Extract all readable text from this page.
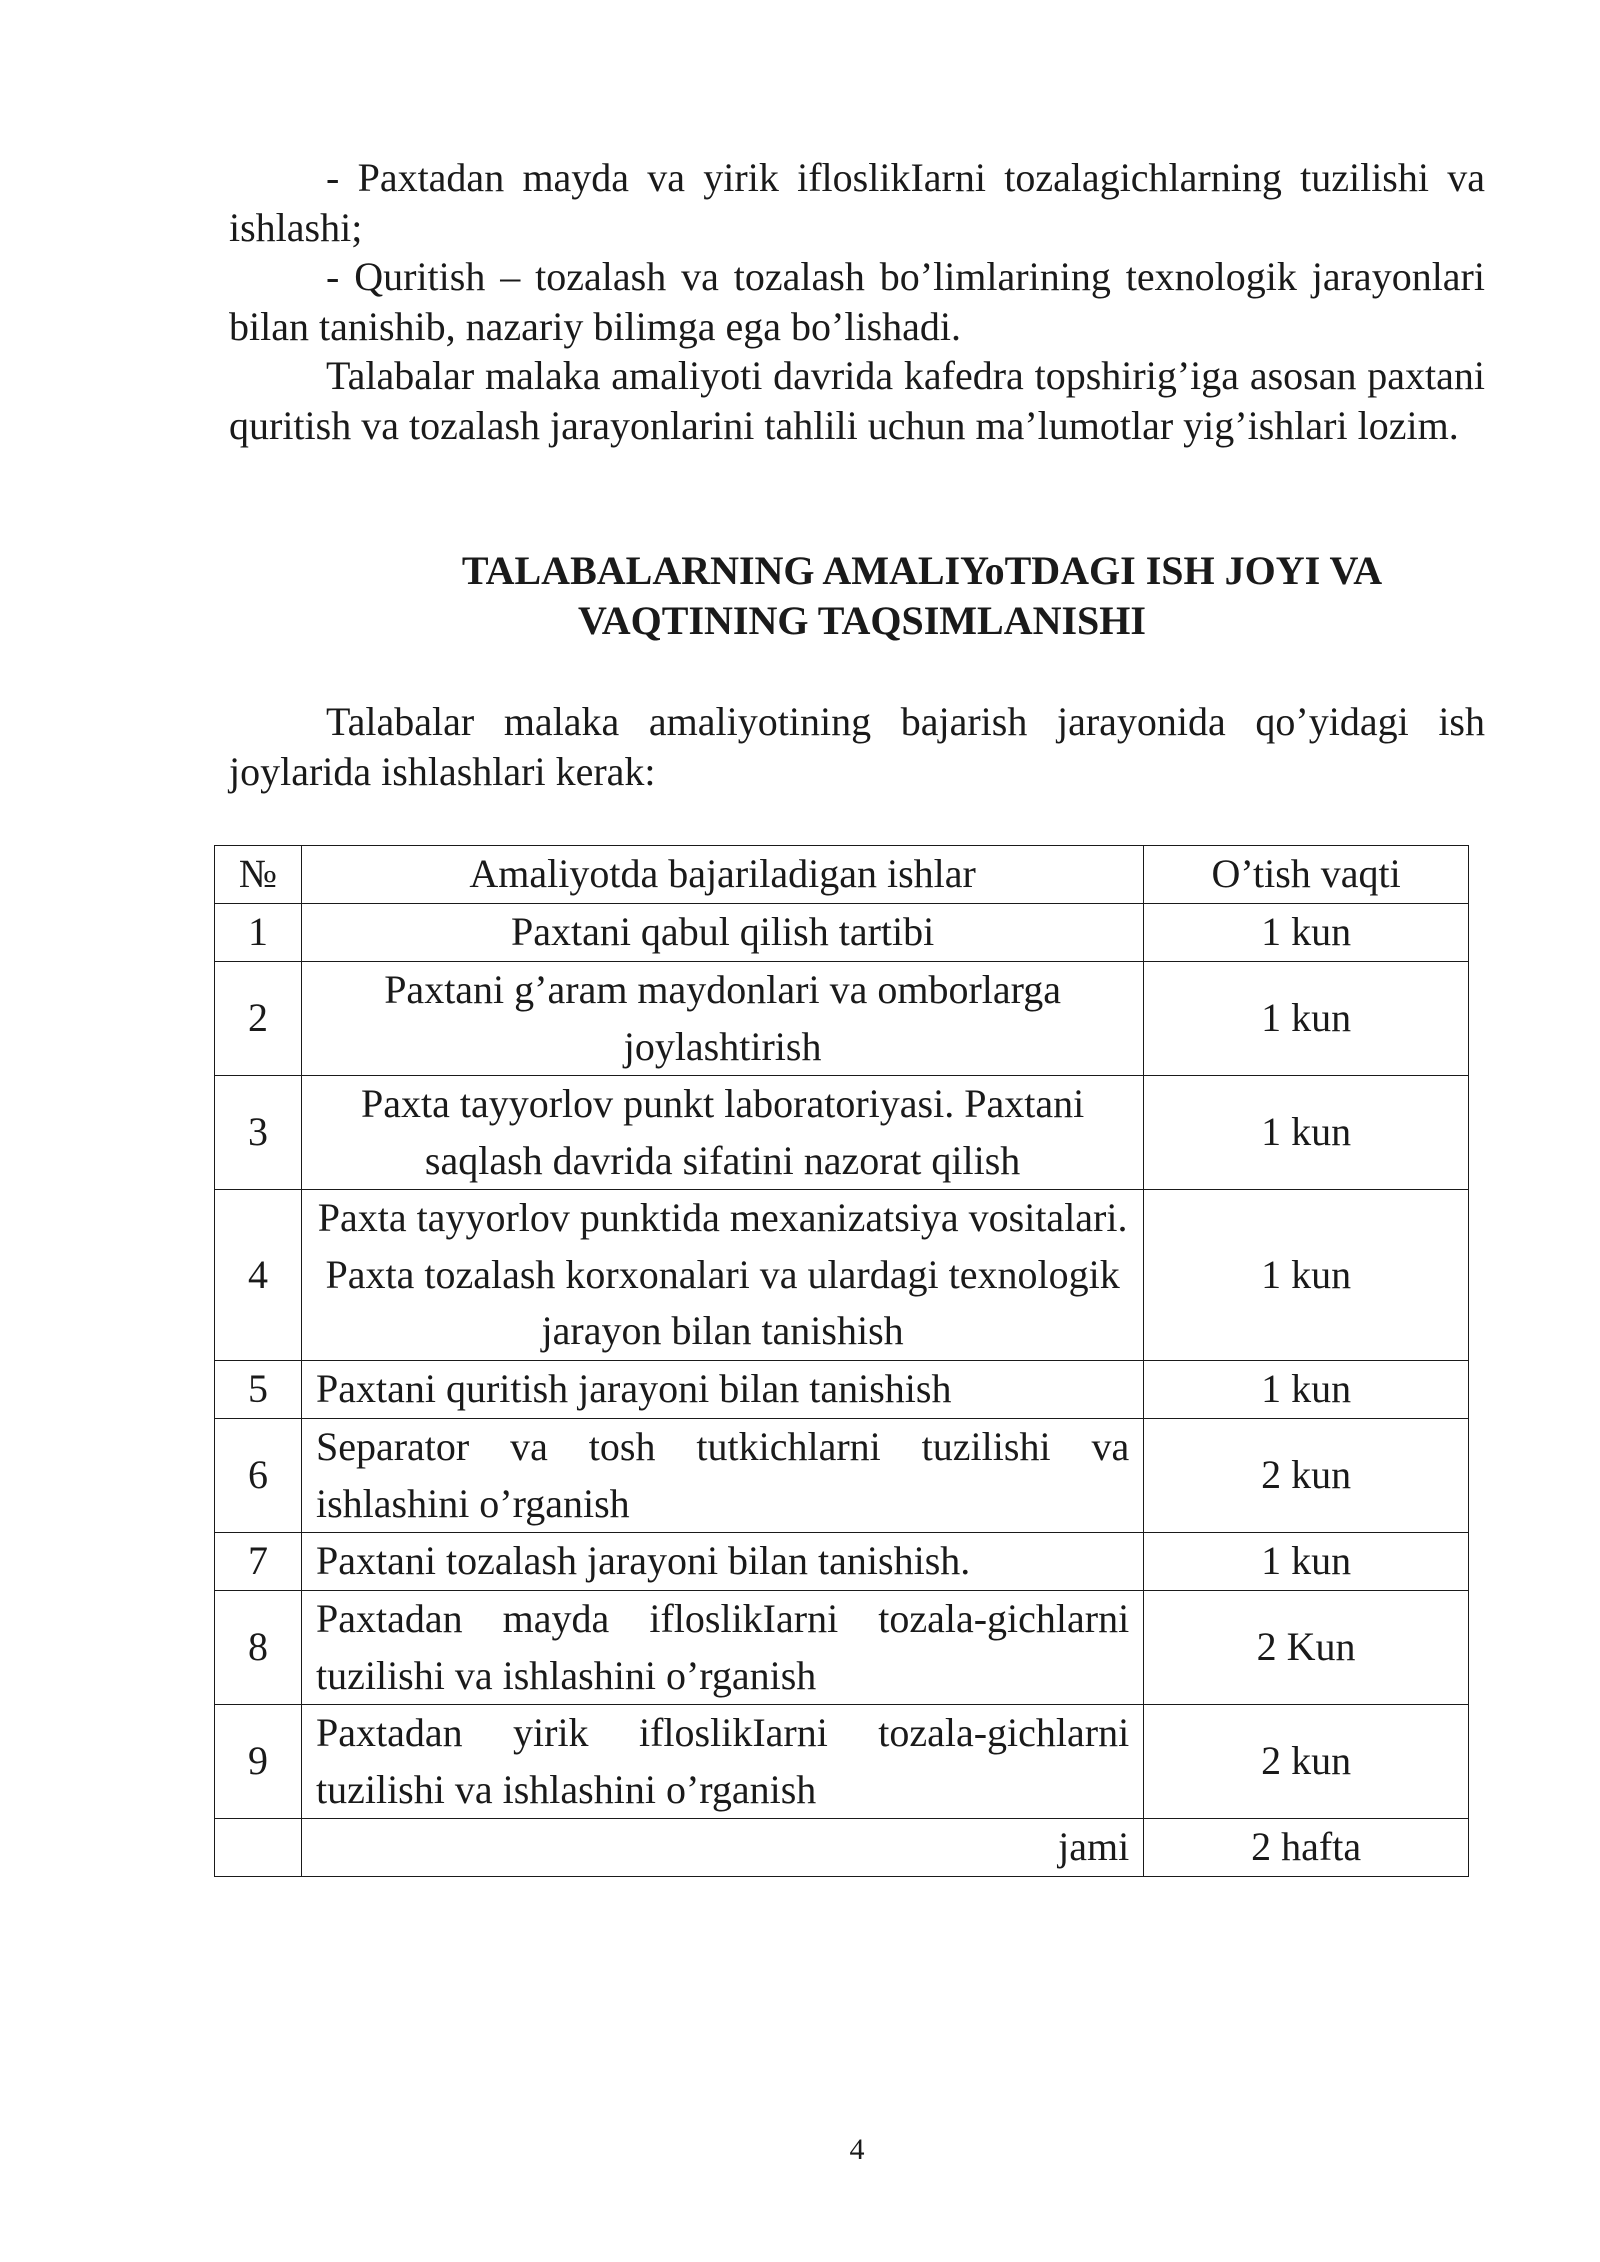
- Paxtadan mayda va yirik ifloslikIarni tozalagichlarning tuzilishi va ishlashi;

- Quritish – tozalash va tozalash bo’limlarining texnologik jarayonlari bilan tanishib, nazariy bilimga ega bo’lishadi.

Talabalar malaka amaliyoti davrida kafedra topshirig’iga asosan paxtani quritish va tozalash jarayonlarini tahlili uchun ma’lumotlar yig’ishlari lozim.

TALABALARNING AMALIYoTDAGI ISH JOYI VA
VAQTINING TAQSIMLANISHI

Talabalar malaka amaliyotining bajarish jarayonida qo’yidagi ish joylarida ishlashlari kerak:

№	Amaliyotda bajariladigan ishlar	O’tish vaqti
1	Paxtani qabul qilish tartibi	1 kun
2	Paxtani g’aram maydonlari va omborlarga joylashtirish	1 kun
3	Paxta tayyorlov punkt laboratoriyasi. Paxtani saqlash davrida sifatini nazorat qilish	1 kun
4	Paxta tayyorlov punktida mexanizatsiya vositalari. Paxta tozalash korxonalari va ulardagi texnologik jarayon bilan tanishish	1 kun
5	Paxtani quritish jarayoni bilan tanishish	1 kun
6	Separator va tosh tutkichlarni tuzilishi va ishlashini o’rganish	2 kun
7	Paxtani tozalash jarayoni bilan tanishish.	1 kun
8	Paxtadan mayda ifloslikIarni tozala-gichlarni tuzilishi va ishlashini o’rganish	2 Kun
9	Paxtadan yirik ifloslikIarni tozala-gichlarni tuzilishi va ishlashini o’rganish	2 kun
	jami	2 hafta
4
